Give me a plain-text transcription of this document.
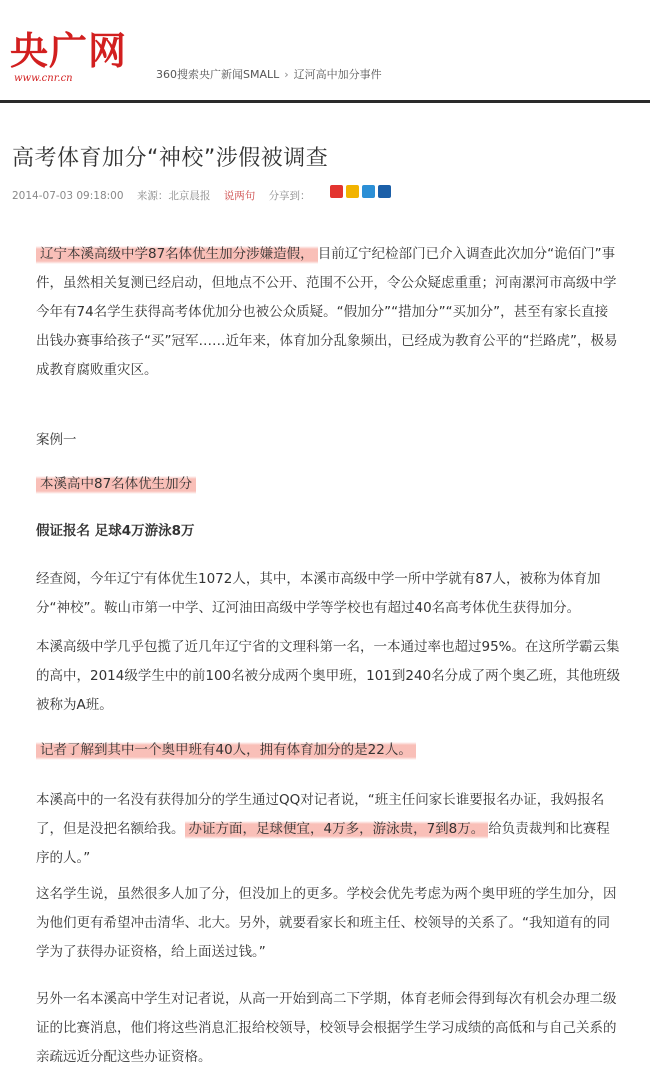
央广网
www.cnr.cn	360搜索央广新闻SMALL › 辽河高中加分事件
高考体育加分“神校”涉假被调查
2014-07-03 09:18:00 来源：北京晨报 说两句 分享到：
辽宁本溪高级中学87名体优生加分涉嫌造假， 目前辽宁纪检部门已介入调查此次加分“诡佰门”事件，虽然相关复测已经启动，但地点不公开、范围不公开，令公众疑虑重重；河南漯河市高级中学今年有74名学生获得高考体优加分也被公众质疑。“假加分”“措加分”“买加分”，甚至有家长直接出钱办赛事给孩子“买”冠军……近年来，体育加分乱象频出，已经成为教育公平的“拦路虎”，极易成教育腐败重灾区。
案例一
本溪高中87名体优生加分
假证报名 足球4万游泳8万
经查阅，今年辽宁有体优生1072人，其中，本溪市高级中学一所中学就有87人，被称为体育加分“神校”。鞍山市第一中学、辽河油田高级中学等学校也有超过40名高考体优生获得加分。
本溪高级中学几乎包揽了近几年辽宁省的文理科第一名，一本通过率也超过95%。在这所学霸云集的高中，2014级学生中的前100名被分成两个奥甲班，101到240名分成了两个奥乙班，其他班级被称为A班。
记者了解到其中一个奥甲班有40人，拥有体育加分的是22人。
本溪高中的一名没有获得加分的学生通过QQ对记者说，“班主任问家长谁要报名办证，我妈报名了，但是没把名额给我。 办证方面，足球便宜，4万多，游泳贵，7到8万。 给负责裁判和比赛程序的人。”
这名学生说，虽然很多人加了分，但没加上的更多。学校会优先考虑为两个奥甲班的学生加分，因为他们更有希望冲击清华、北大。另外，就要看家长和班主任、校领导的关系了。“我知道有的同学为了获得办证资格，给上面送过钱。”
另外一名本溪高中学生对记者说，从高一开始到高二下学期，体育老师会得到每次有机会办理二级证的比赛消息，他们将这些消息汇报给校领导，校领导会根据学生学习成绩的高低和与自己关系的亲疏远近分配这些办证资格。
